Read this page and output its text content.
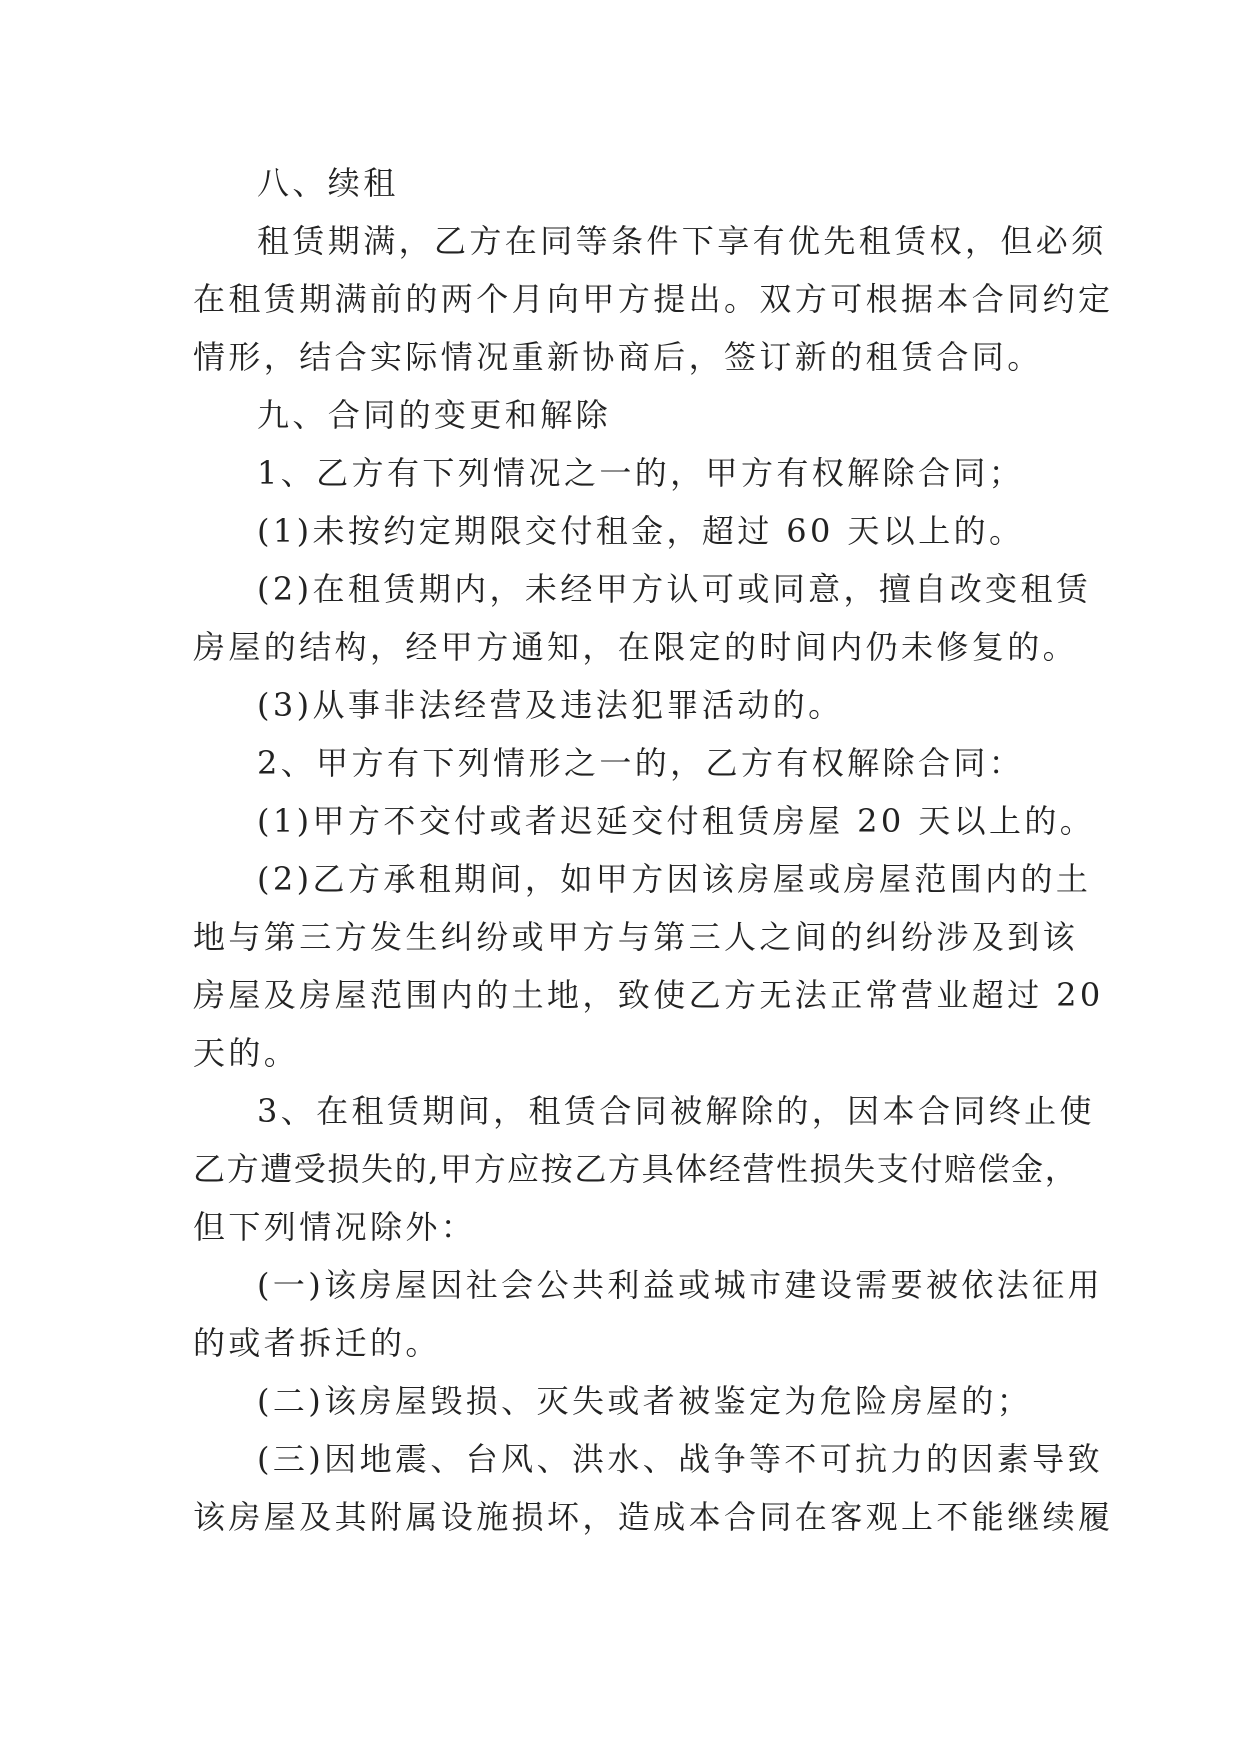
八、续租
租赁期满，乙方在同等条件下享有优先租赁权，但必须
在租赁期满前的两个月向甲方提出。双方可根据本合同约定
情形，结合实际情况重新协商后，签订新的租赁合同。
九、合同的变更和解除
1、乙方有下列情况之一的，甲方有权解除合同；
(1)未按约定期限交付租金，超过 60 天以上的。
(2)在租赁期内，未经甲方认可或同意，擅自改变租赁
房屋的结构，经甲方通知，在限定的时间内仍未修复的。
(3)从事非法经营及违法犯罪活动的。
2、甲方有下列情形之一的，乙方有权解除合同：
(1)甲方不交付或者迟延交付租赁房屋 20 天以上的。
(2)乙方承租期间，如甲方因该房屋或房屋范围内的土
地与第三方发生纠纷或甲方与第三人之间的纠纷涉及到该
房屋及房屋范围内的土地，致使乙方无法正常营业超过 20
天的。
3、在租赁期间，租赁合同被解除的，因本合同终止使
乙方遭受损失的,甲方应按乙方具体经营性损失支付赔偿金，
但下列情况除外：
(一)该房屋因社会公共利益或城市建设需要被依法征用
的或者拆迁的。
(二)该房屋毁损、灭失或者被鉴定为危险房屋的；
(三)因地震、台风、洪水、战争等不可抗力的因素导致
该房屋及其附属设施损坏，造成本合同在客观上不能继续履
